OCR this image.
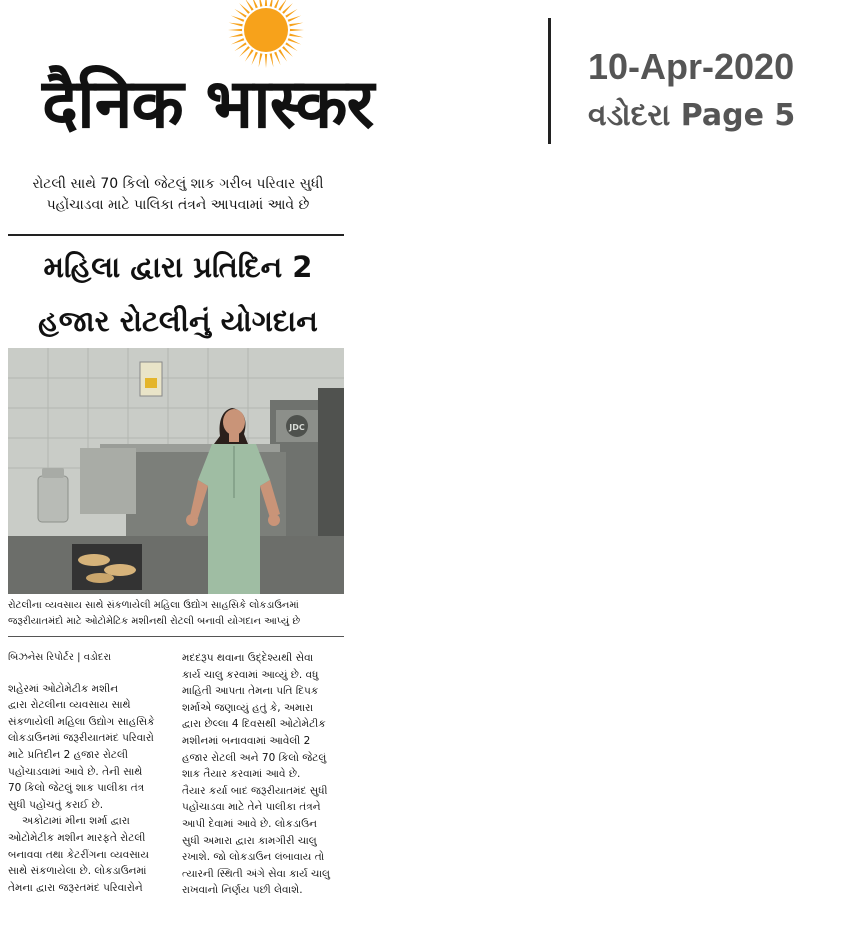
दैनिक भास्कर	10-Apr-2020
વડોદરા Page 5
રોટલી સાથે 70 કિલો જેટલું શાક ગરીબ પરિવાર સુધી
પહોંચાડવા માટે પાલિકા તંત્રને આપવામાં આવે છે
મહિલા દ્વારા પ્રતિદિન 2
હજાર રોટલીનું યોગદાન
JDC
રોટલીના વ્યવસાય સાથે સંકળાયેલી મહિલા ઉદ્યોગ સાહસિકે લોકડાઉનમાં
જરૂરીયાતમંદો માટે ઓટોમેટિક મશીનથી રોટલી બનાવી યોગદાન આપ્યું છે
બિઝનેસ રિપોર્ટર | વડોદરા

શહેરમાં ઓટોમેટીક મશીન
દ્વારા રોટલીના વ્યવસાય સાથે
સંકળાયેલી મહિલા ઉદ્યોગ સાહસિકે
લોકડાઉનમાં જરૂરીયાતમંદ પરિવારો
માટે પ્રતિદીન 2 હજાર રોટલી
પહોંચાડવામાં આવે છે. તેની સાથે
70 કિલો જેટલું શાક પાલીકા તંત્ર
સુધી પહોંચતું કરાઈ છે.

અકોટામાં મીના શર્મા દ્વારા
ઓટોમેટીક મશીન મારફતે રોટલી
બનાવવા તથા કેટરીંગના વ્યવસાય
સાથે સંકળાયેલા છે. લોકડાઉનમાં
તેમના દ્વારા જરૂરતમંદ પરિવારોને

મદદરૂપ થવાના ઉદ્દેશ્યથી સેવા
કાર્ય ચાલુ કરવામાં આવ્યું છે. વધુ
માહિતી આપતા તેમના પતિ દિપક
શર્માએ જણાવ્યું હતું કે, અમારા
દ્વારા છેલ્લા 4 દિવસથી ઓટોમેટીક
મશીનમાં બનાવવામાં આવેલી 2
હજાર રોટલી અને 70 કિલો જેટલું
શાક તૈયાર કરવામાં આવે છે.
તૈયાર કર્યા બાદ જરૂરીયાતમંદ સુધી
પહોંચાડવા માટે તેને પાલીકા તંત્રને
આપી દેવામાં આવે છે. લોકડાઉન
સુધી અમારા દ્વારા કામગીરી ચાલુ
રખાશે. જો લોકડાઉન લંબાવાય તો
ત્યારની સ્થિતી અંગે સેવા કાર્ય ચાલુ
રાખવાનો નિર્ણય પછી લેવાશે.
